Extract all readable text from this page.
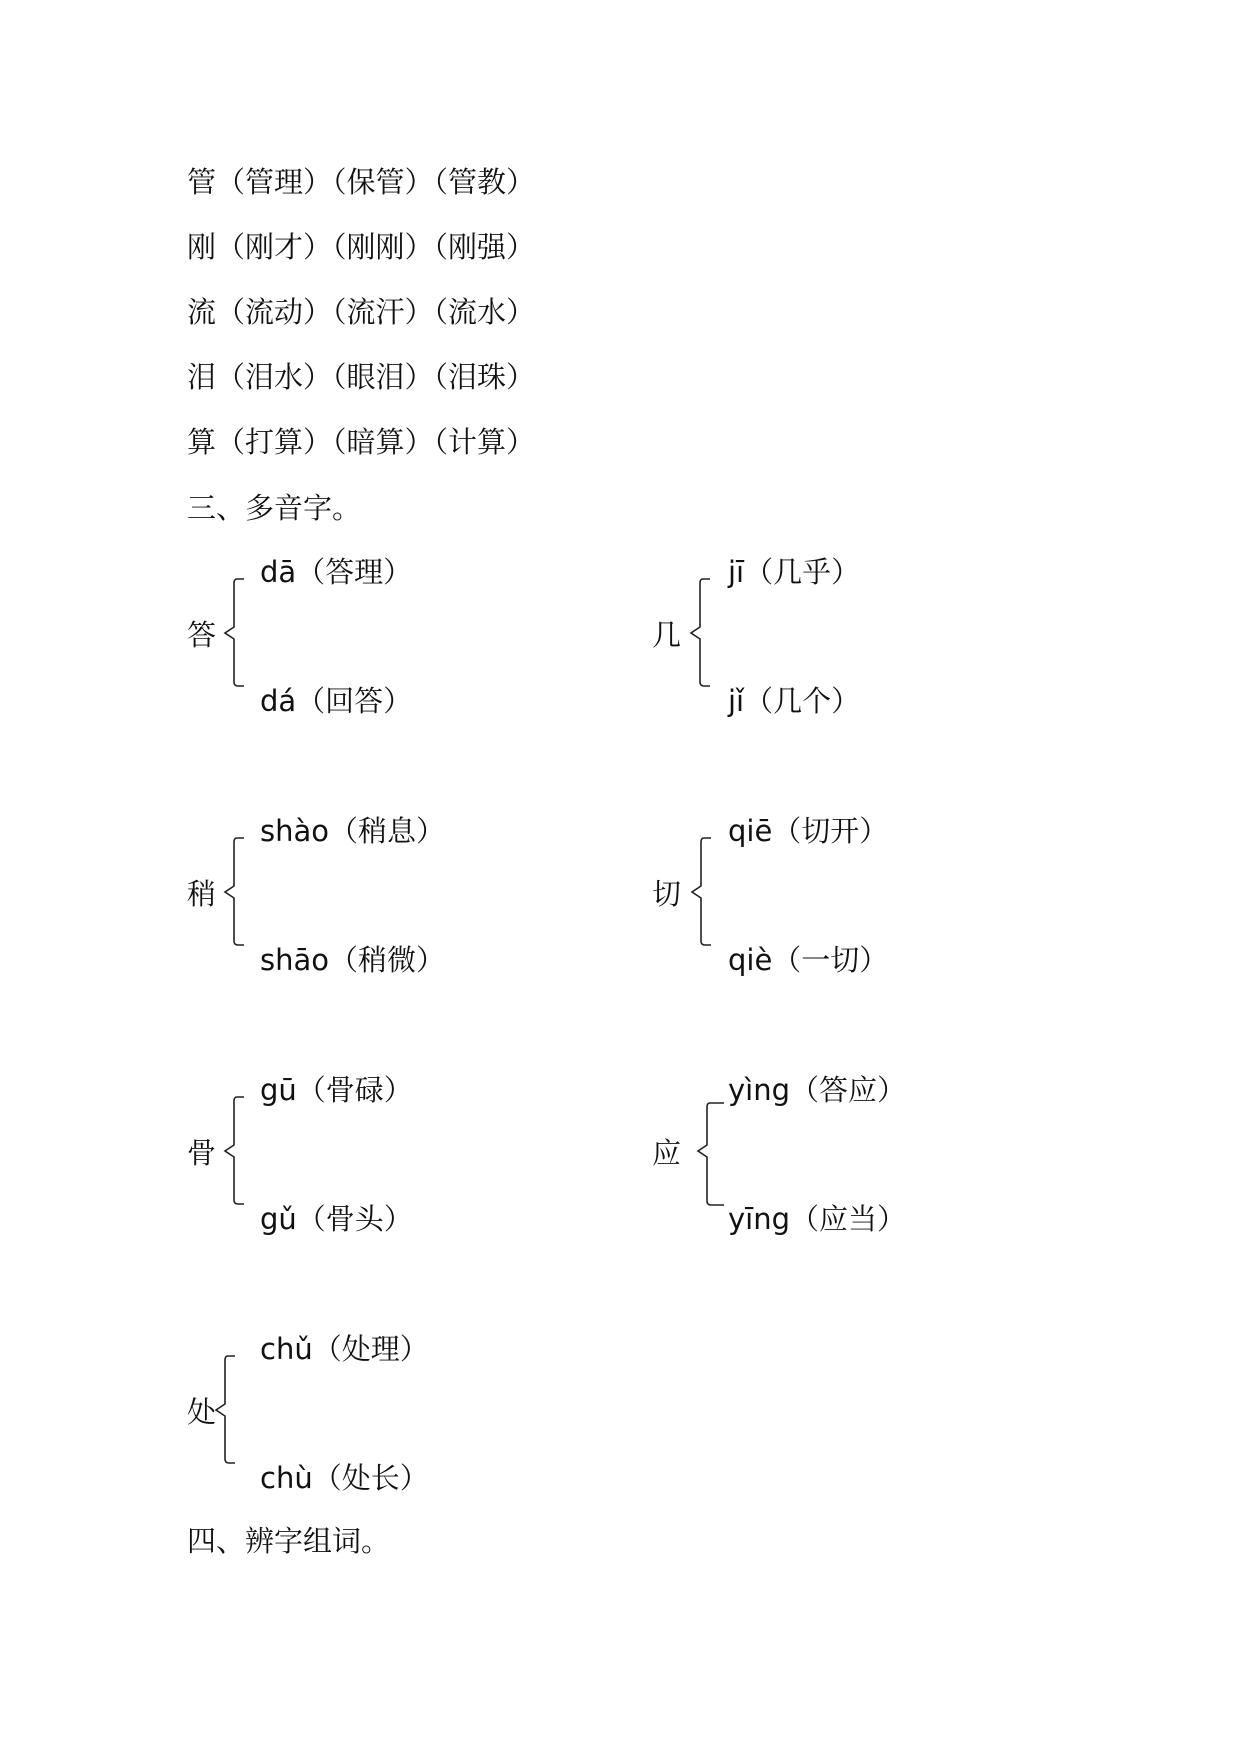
管（管理）（保管）（管教）
刚（刚才）（刚刚）（刚强）
流（流动）（流汗）（流水）
泪（泪水）（眼泪）（泪珠）
算（打算）（暗算）（计算）
三、多音字。
答
dā（答理）
dá（回答）
几
jī（几乎）
jǐ（几个）
稍
shào（稍息）
shāo（稍微）
切
qiē（切开）
qiè（一切）
骨
gū（骨碌）
gǔ（骨头）
应
yìng（答应）
yīng（应当）
处
chǔ（处理）
chù（处长）
四、辨字组词。
